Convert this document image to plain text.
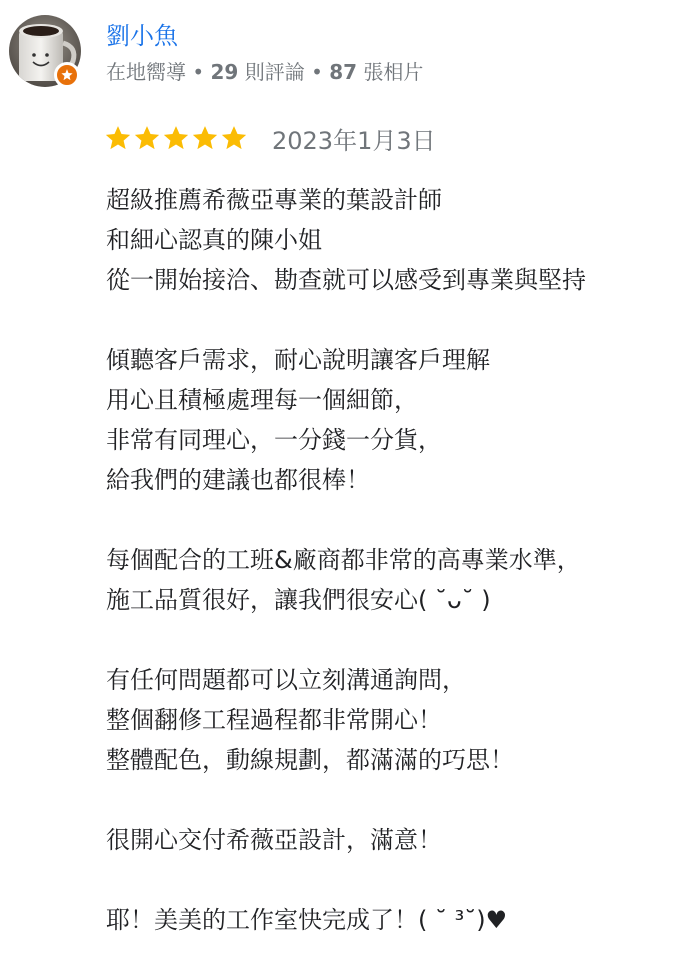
劉小魚
在地嚮導 • 29 則評論 • 87 張相片
2023年1月3日
超級推薦希薇亞專業的葉設計師
和細心認真的陳小姐
從一開始接洽、勘查就可以感受到專業與堅持
傾聽客戶需求，耐心說明讓客戶理解
用心且積極處理每一個細節，
非常有同理心，一分錢一分貨，
給我們的建議也都很棒！
每個配合的工班&廠商都非常的高專業水準，
施工品質很好，讓我們很安心( ˘ᴗ˘ )
有任何問題都可以立刻溝通詢問，
整個翻修工程過程都非常開心！
整體配色，動線規劃，都滿滿的巧思！
很開心交付希薇亞設計，滿意！
耶！美美的工作室快完成了！( ˘ ³˘)♥
